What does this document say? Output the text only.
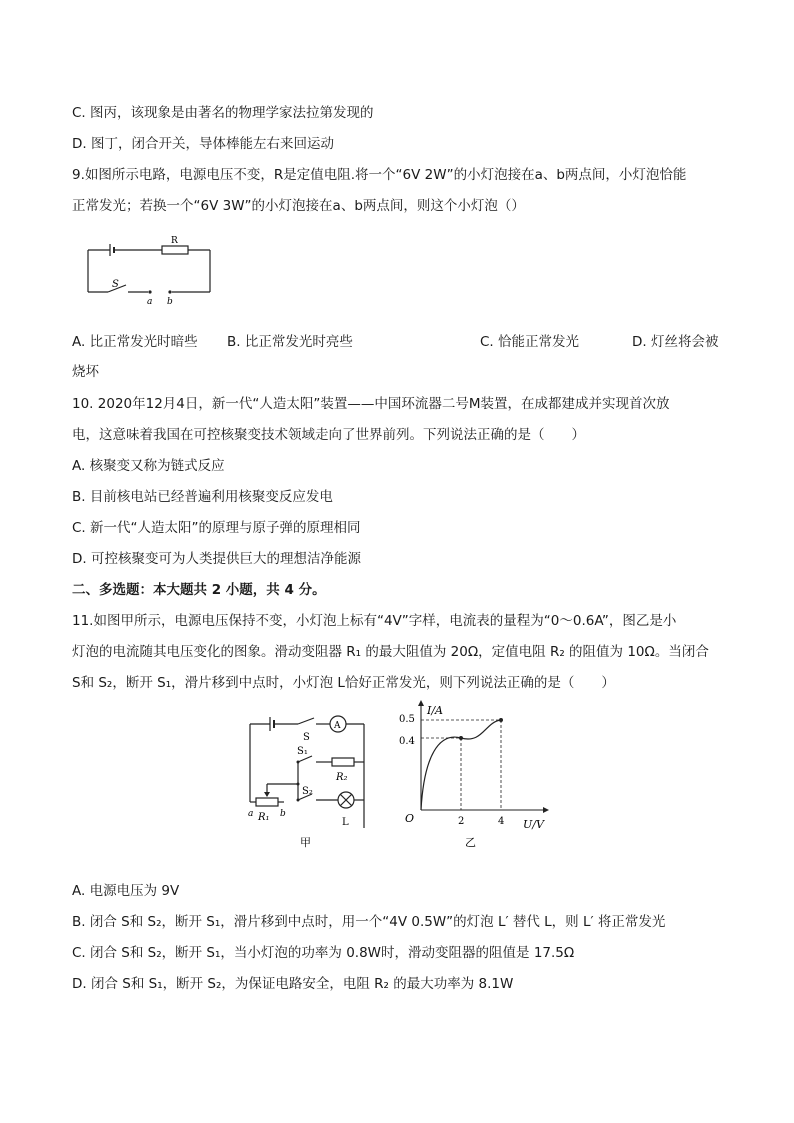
C. 图丙，该现象是由著名的物理学家法拉第发现的
D. 图丁，闭合开关，导体棒能左右来回运动
9.如图所示电路，电源电压不变，R是定值电阻.将一个“6V 2W”的小灯泡接在a、b两点间，小灯泡恰能
正常发光；若换一个“6V 3W”的小灯泡接在a、b两点间，则这个小灯泡（）
R
S
a b
A. 比正常发光时暗些 B. 比正常发光时亮些	C. 恰能正常发光	D. 灯丝将会被
烧坏
10. 2020年12月4日，新一代“人造太阳”装置——中国环流器二号M装置，在成都建成并实现首次放
电，这意味着我国在可控核聚变技术领域走向了世界前列。下列说法正确的是（　　）
A. 核聚变又称为链式反应
B. 目前核电站已经普遍利用核聚变反应发电
C. 新一代“人造太阳”的原理与原子弹的原理相同
D. 可控核聚变可为人类提供巨大的理想洁净能源
二、多选题：本大题共 2 小题，共 4 分。
11.如图甲所示，电源电压保持不变，小灯泡上标有“4V”字样，电流表的量程为“0～0.6A”，图乙是小
灯泡的电流随其电压变化的图象。滑动变阻器 R₁ 的最大阻值为 20Ω，定值电阻 R₂ 的阻值为 10Ω。当闭合
S和 S₂，断开 S₁，滑片移到中点时，小灯泡 L恰好正常发光，则下列说法正确的是（　　）
A
S
S₁
R₂
S₂
L
a R₁ b
甲
I/A
U/V
O
0.5
0.4
2	4
乙
A. 电源电压为 9V
B. 闭合 S和 S₂，断开 S₁，滑片移到中点时，用一个“4V 0.5W”的灯泡 L′ 替代 L，则 L′ 将正常发光
C. 闭合 S和 S₂，断开 S₁，当小灯泡的功率为 0.8W时，滑动变阻器的阻值是 17.5Ω
D. 闭合 S和 S₁，断开 S₂，为保证电路安全，电阻 R₂ 的最大功率为 8.1W
